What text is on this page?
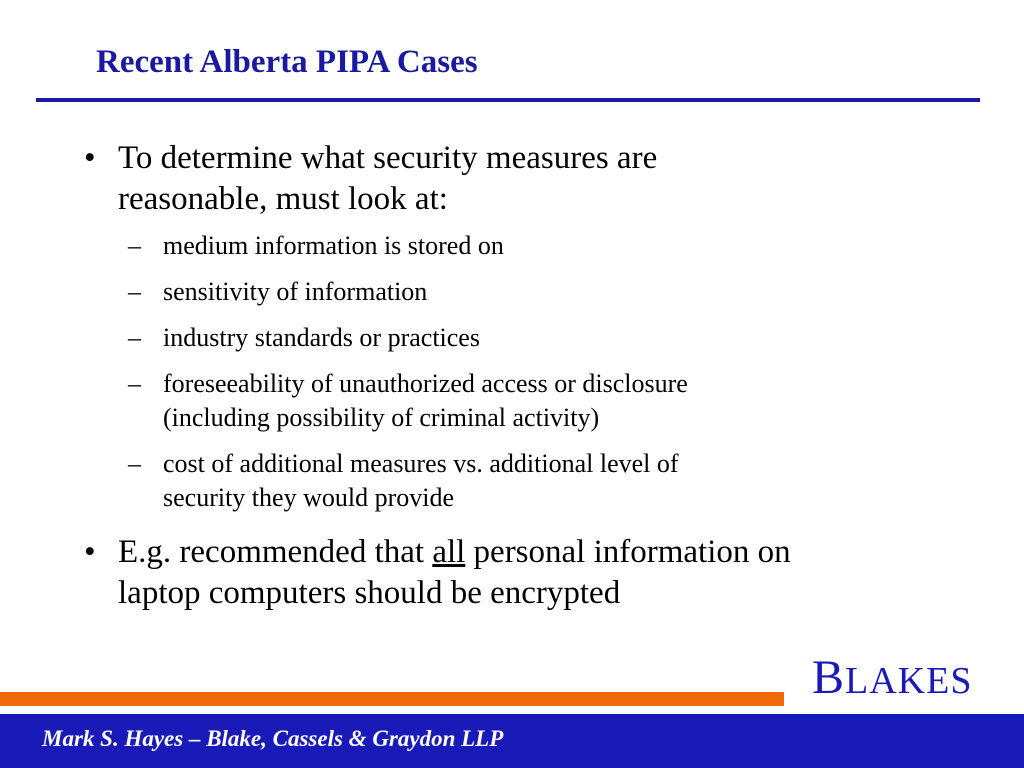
Recent Alberta PIPA Cases
• To determine what security measures are
reasonable, must look at:
– medium information is stored on
– sensitivity of information
– industry standards or practices
– foreseeability of unauthorized access or disclosure
(including possibility of criminal activity)
– cost of additional measures vs. additional level of
security they would provide
• E.g. recommended that all personal information on
laptop computers should be encrypted
BLAKES
Mark S. Hayes – Blake, Cassels & Graydon LLP
